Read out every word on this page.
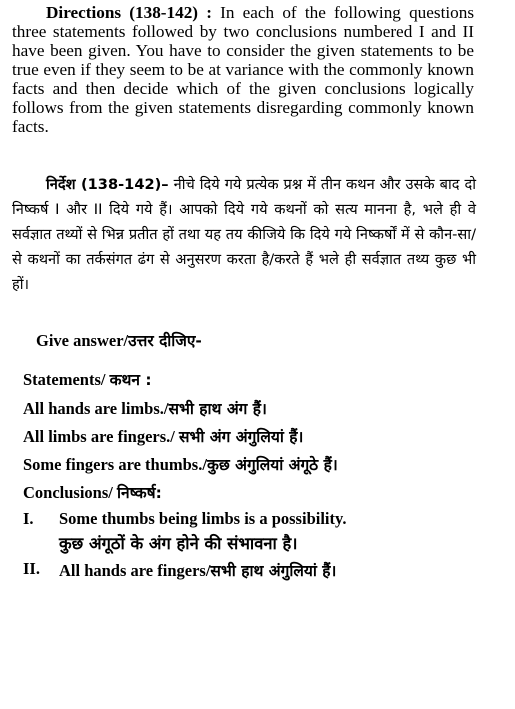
Directions (138-142) : In each of the following questions three statements followed by two conclusions numbered I and II have been given. You have to consider the given statements to be true even if they seem to be at variance with the commonly known facts and then decide which of the given conclusions logically follows from the given statements disregarding commonly known facts.

निर्देश (138-142)– नीचे दिये गये प्रत्येक प्रश्न में तीन कथन और उसके बाद दो निष्कर्ष I और II दिये गये हैं। आपको दिये गये कथनों को सत्य मानना है, भले ही वे सर्वज्ञात तथ्यों से भिन्न प्रतीत हों तथा यह तय कीजिये कि दिये गये निष्कर्षों में से कौन-सा/से कथनों का तर्कसंगत ढंग से अनुसरण करता है/करते हैं भले ही सर्वज्ञात तथ्य कुछ भी हों।

Give answer/उत्तर दीजिए-

Statements/ कथन :

All hands are limbs./सभी हाथ अंग हैं।

All limbs are fingers./ सभी अंग अंगुलियां हैं।

Some fingers are thumbs./कुछ अंगुलियां अंगूठे हैं।

Conclusions/ निष्कर्ष:

I. Some thumbs being limbs is a possibility.

कुछ अंगूठों के अंग होने की संभावना है।

II. All hands are fingers/सभी हाथ अंगुलियां हैं।
